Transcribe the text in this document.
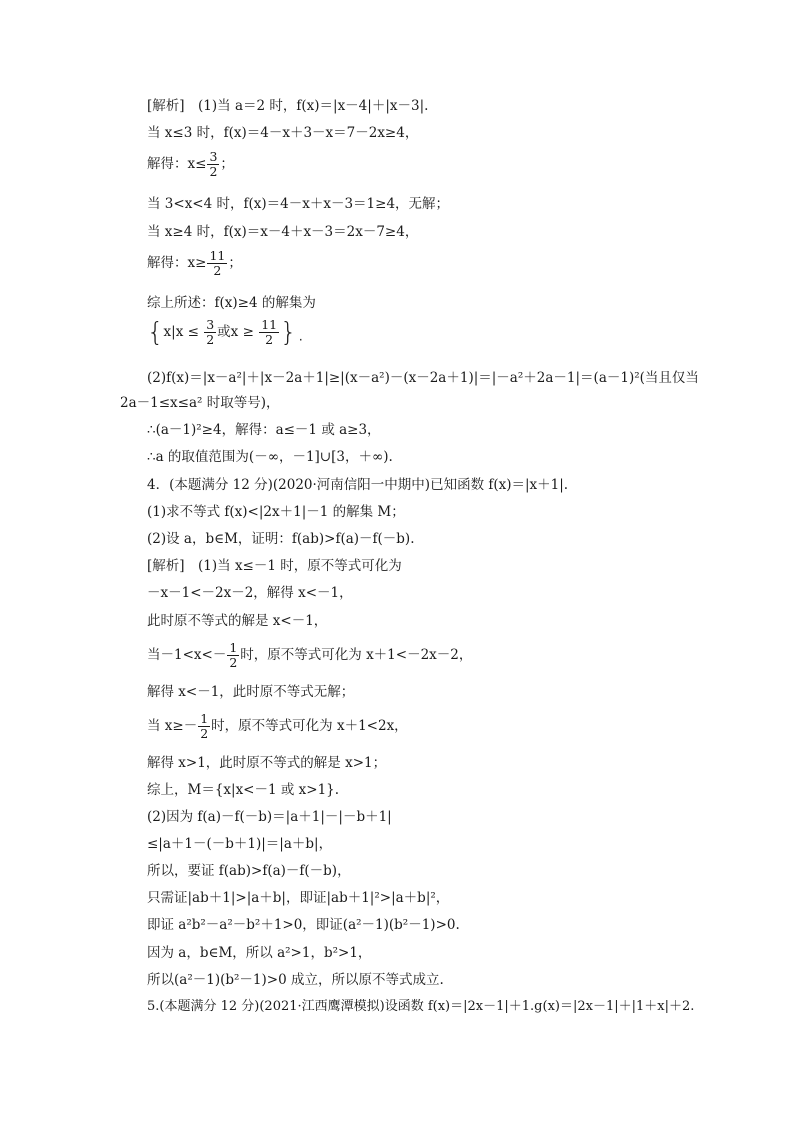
[解析]　(1)当 a＝2 时，f(x)＝|x－4|＋|x－3|.
当 x≤3 时，f(x)＝4－x＋3－x＝7－2x≥4，
解得：$x\le \frac{3}{2}$ ；
当 3<x<4 时，f(x)＝4－x＋x－3＝1≥4，无解；
当 x≥4 时，f(x)＝x－4＋x－3＝2x－7≥4，
解得：$x\ge \frac{11}{2}$ ；
综上所述：f(x)≥4 的解集为
{$x|x \le \frac{3}{2}$ 或$x \ge \frac{11}{2}$ }.
(2)f(x)＝|x－a²|＋|x－2a＋1|≥|(x－a²)－(x－2a＋1)|＝|－a²＋2a－1|＝(a－1)²(当且仅当
2a－1≤x≤a² 时取等号)，
∴(a－1)²≥4，解得：a≤－1 或 a≥3，
∴a 的取值范围为(－∞，－1]∪[3，＋∞).
4．(本题满分 12 分)(2020·河南信阳一中期中)已知函数 f(x)＝|x＋1|.
(1)求不等式 f(x)<|2x＋1|－1 的解集 M；
(2)设 a，b∈M，证明：f(ab)>f(a)－f(－b).
[解析]　(1)当 x≤－1 时，原不等式可化为
－x－1<－2x－2，解得 x<－1，
此时原不等式的解是 x<－1，
当$-1<x<- \frac{1}{2}$ 时，原不等式可化为 x＋1<－2x－2，
解得 x<－1，此时原不等式无解；
当 $x\ge- \frac{1}{2}$ 时，原不等式可化为 x＋1<2x，
解得 x>1，此时原不等式的解是 x>1；
综上，M＝{x|x<－1 或 x>1}.
(2)因为 f(a)－f(－b)＝|a＋1|－|－b＋1|
≤|a＋1－(－b＋1)|＝|a＋b|，
所以，要证 f(ab)>f(a)－f(－b)，
只需证|ab＋1|>|a＋b|，即证|ab＋1|²>|a＋b|²，
即证 a²b²－a²－b²＋1>0，即证(a²－1)(b²－1)>0.
因为 a，b∈M，所以 a²>1，b²>1，
所以(a²－1)(b²－1)>0 成立，所以原不等式成立.
5.(本题满分 12 分)(2021·江西鹰潭模拟)设函数 f(x)＝|2x－1|＋1.g(x)＝|2x－1|＋|1＋x|＋2.
